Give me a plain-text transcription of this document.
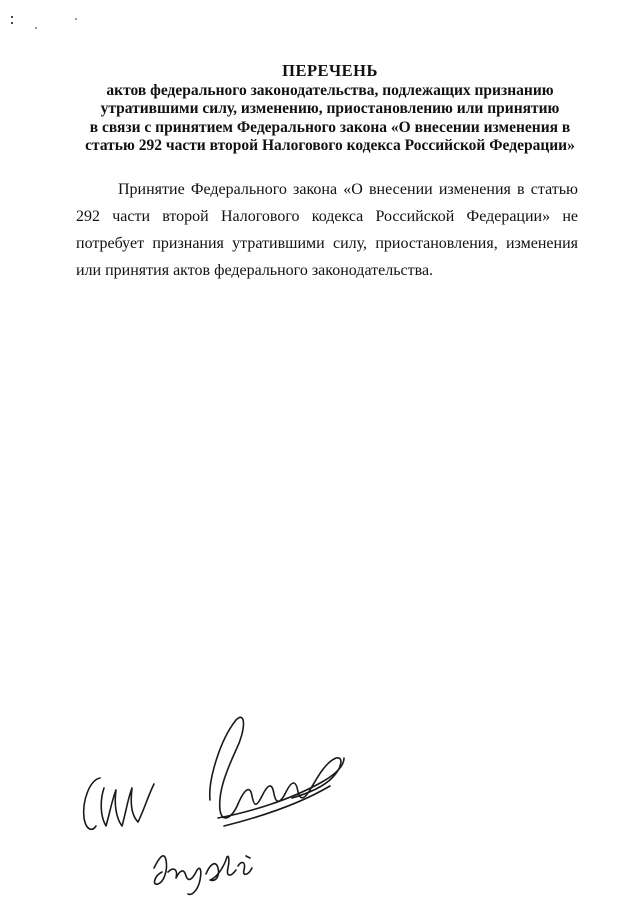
ПЕРЕЧЕНЬ
актов федерального законодательства, подлежащих признанию
утратившими силу, изменению, приостановлению или принятию
в связи с принятием Федерального закона «О внесении изменения в
статью 292 части второй Налогового кодекса Российской Федерации»

Принятие Федерального закона «О внесении изменения в статью 292 части второй Налогового кодекса Российской Федерации» не потребует признания утратившими силу, приостановления, изменения или принятия актов федерального законодательства.
